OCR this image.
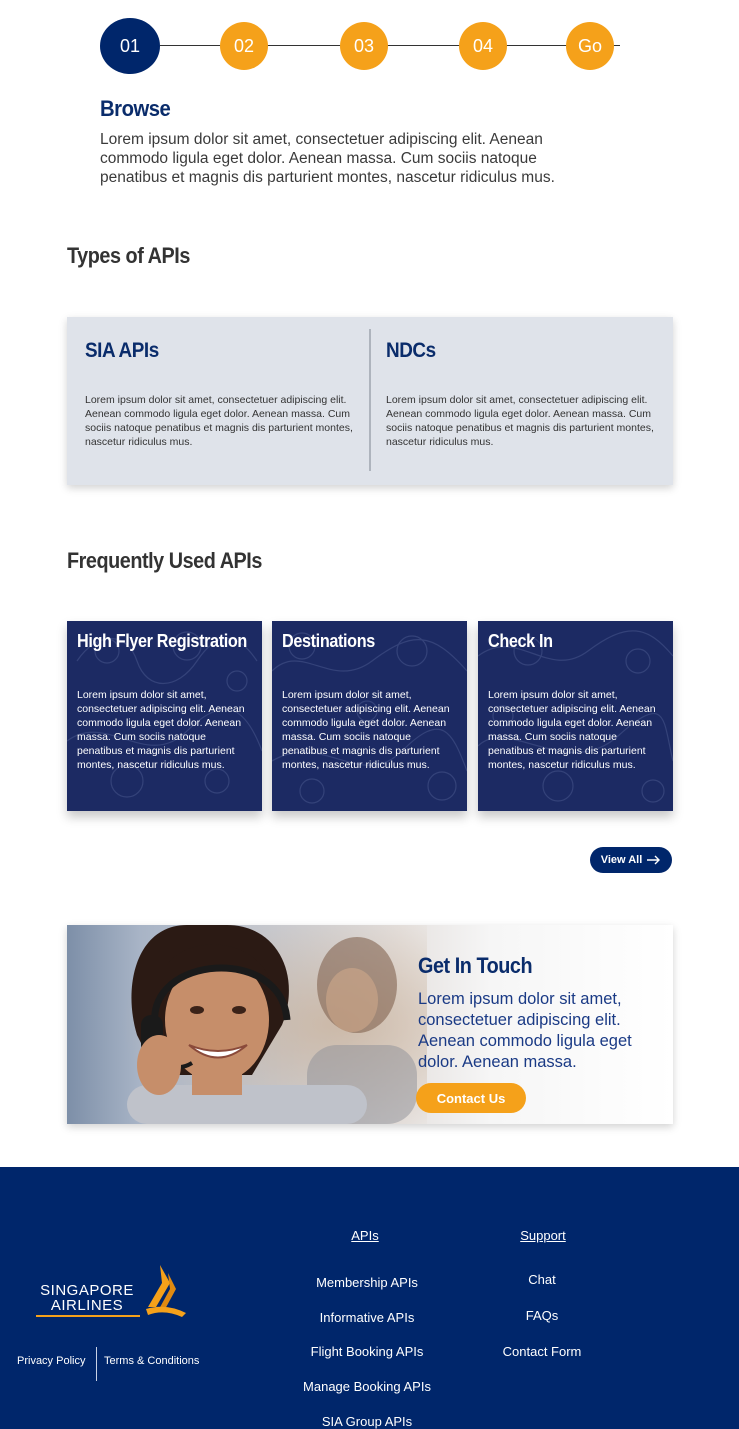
01	02	03	04	Go
Browse

Lorem ipsum dolor sit amet, consectetuer adipiscing elit. Aenean commodo ligula eget dolor. Aenean massa. Cum sociis natoque penatibus et magnis dis parturient montes, nascetur ridiculus mus.

Types of APIs
SIA APIs

Lorem ipsum dolor sit amet, consectetuer adipiscing elit. Aenean commodo ligula eget dolor. Aenean massa. Cum sociis natoque penatibus et magnis dis parturient montes, nascetur ridiculus mus.

NDCs

Lorem ipsum dolor sit amet, consectetuer adipiscing elit. Aenean commodo ligula eget dolor. Aenean massa. Cum sociis natoque penatibus et magnis dis parturient montes, nascetur ridiculus mus.

Frequently Used APIs
High Flyer Registration

Lorem ipsum dolor sit amet, consectetuer adipiscing elit. Aenean commodo ligula eget dolor. Aenean massa. Cum sociis natoque penatibus et magnis dis parturient montes, nascetur ridiculus mus.

Destinations

Lorem ipsum dolor sit amet, consectetuer adipiscing elit. Aenean commodo ligula eget dolor. Aenean massa. Cum sociis natoque penatibus et magnis dis parturient montes, nascetur ridiculus mus.

Check In

Lorem ipsum dolor sit amet, consectetuer adipiscing elit. Aenean commodo ligula eget dolor. Aenean massa. Cum sociis natoque penatibus et magnis dis parturient montes, nascetur ridiculus mus.

View All
Get In Touch

Lorem ipsum dolor sit amet, consectetuer adipiscing elit. Aenean commodo ligula eget dolor. Aenean massa.

Contact Us
SINGAPORE
AIRLINES
Privacy Policy Terms & Conditions
APIs
Membership APIs
Informative APIs
Flight Booking APIs
Manage Booking APIs
SIA Group APIs
Support
Chat
FAQs
Contact Form
